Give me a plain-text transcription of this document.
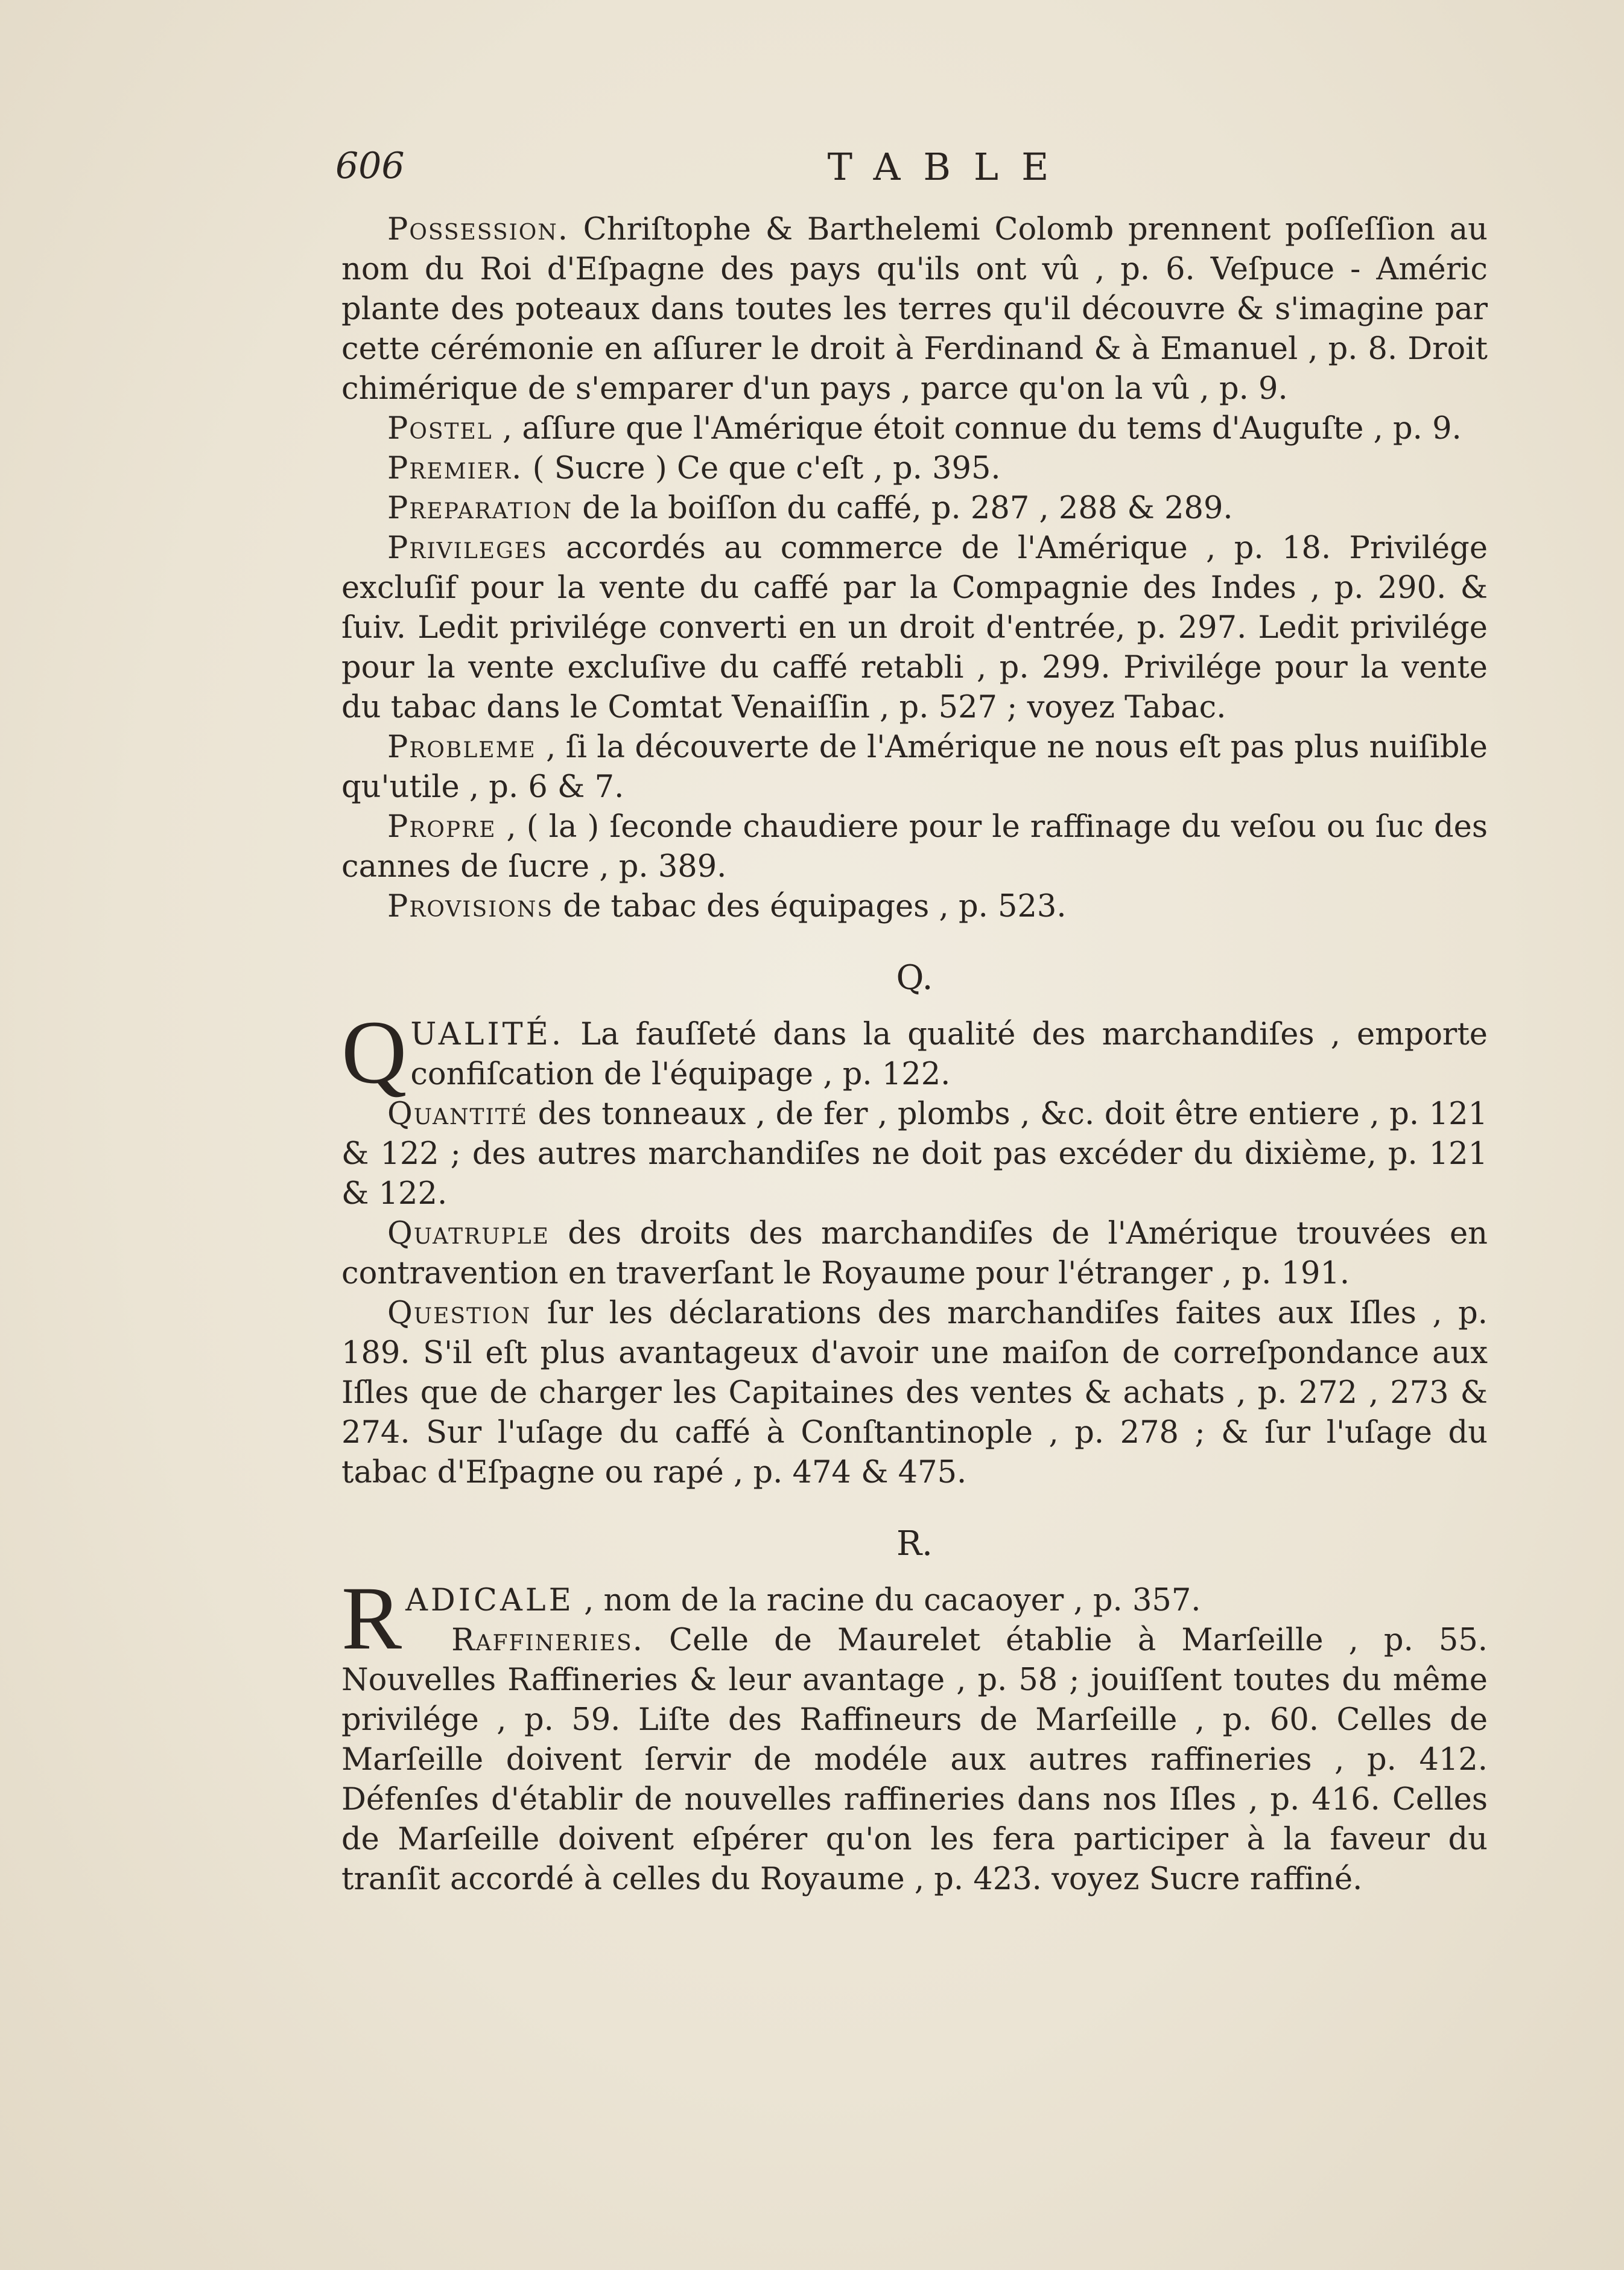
606	TABLE

Possession. Chriſtophe & Barthelemi Colomb prennent poſſeſſion au nom du Roi d'Eſpagne des pays qu'ils ont vû , p. 6. Veſpuce - Améric plante des poteaux dans toutes les terres qu'il découvre & s'imagine par cette cérémonie en aſſurer le droit à Ferdinand & à Emanuel , p. 8. Droit chimérique de s'emparer d'un pays , parce qu'on la vû , p. 9.

Postel , aſſure que l'Amérique étoit connue du tems d'Auguſte , p. 9.

Premier. ( Sucre ) Ce que c'eſt , p. 395.

Preparation de la boiſſon du caffé, p. 287 , 288 & 289.

Privileges accordés au commerce de l'Amérique , p. 18. Privilége excluſif pour la vente du caffé par la Compagnie des Indes , p. 290. & ſuiv. Ledit privilége converti en un droit d'entrée, p. 297. Ledit privilége pour la vente excluſive du caffé retabli , p. 299. Privilége pour la vente du tabac dans le Comtat Venaiſſin , p. 527 ; voyez Tabac.

Probleme , ſi la découverte de l'Amérique ne nous eſt pas plus nuiſible qu'utile , p. 6 & 7.

Propre , ( la ) ſeconde chaudiere pour le raffinage du veſou ou ſuc des cannes de ſucre , p. 389.

Provisions de tabac des équipages , p. 523.

Q.

QUALITÉ. La fauſſeté dans la qualité des marchandiſes , emporte confiſcation de l'équipage , p. 122.

Quantité des tonneaux , de fer , plombs , &c. doit être entiere , p. 121 & 122 ; des autres marchandiſes ne doit pas excéder du dixième, p. 121 & 122.

Quatruple des droits des marchandiſes de l'Amérique trouvées en contravention en traverſant le Royaume pour l'étranger , p. 191.

Question ſur les déclarations des marchandiſes faites aux Iſles , p. 189. S'il eſt plus avantageux d'avoir une maiſon de correſpondance aux Iſles que de charger les Capitaines des ventes & achats , p. 272 , 273 & 274. Sur l'uſage du caffé à Conſtantinople , p. 278 ; & ſur l'uſage du tabac d'Eſpagne ou rapé , p. 474 & 475.

R.

RADICALE , nom de la racine du cacaoyer , p. 357.

Raffineries. Celle de Maurelet établie à Marſeille , p. 55. Nouvelles Raffineries & leur avantage , p. 58 ; jouiſſent toutes du même privilége , p. 59. Liſte des Raffineurs de Marſeille , p. 60. Celles de Marſeille doivent ſervir de modéle aux autres raffineries , p. 412. Défenſes d'établir de nouvelles raffineries dans nos Iſles , p. 416. Celles de Marſeille doivent eſpérer qu'on les fera participer à la faveur du tranſit accordé à celles du Royaume , p. 423. voyez Sucre raffiné.
